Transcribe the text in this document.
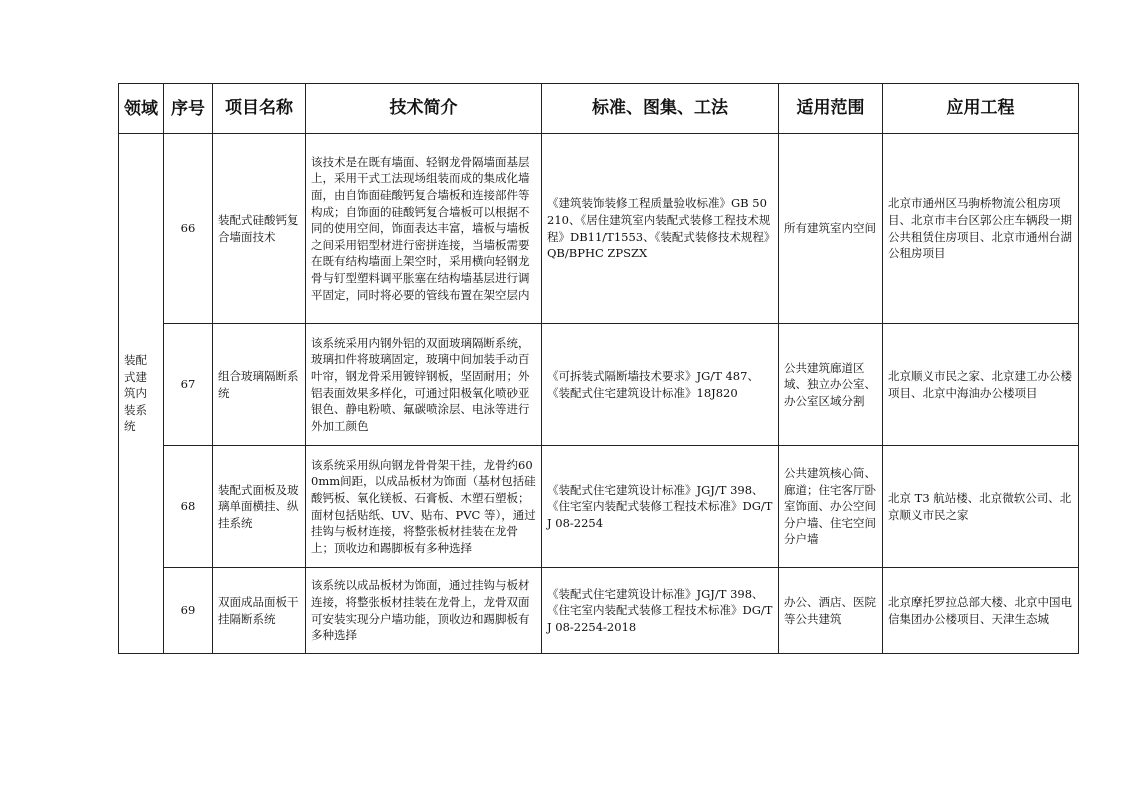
领域	序号	项目名称	技术简介	标准、图集、工法	适用范围	应用工程
装配式建筑内装系统	66	装配式硅酸钙复合墙面技术	该技术是在既有墙面、轻钢龙骨隔墙面基层上，采用干式工法现场组装而成的集成化墙面，由自饰面硅酸钙复合墙板和连接部件等构成；自饰面的硅酸钙复合墙板可以根据不同的使用空间，饰面表达丰富，墙板与墙板之间采用铝型材进行密拼连接，当墙板需要在既有结构墙面上架空时，采用横向轻钢龙骨与钉型塑料调平胀塞在结构墙基层进行调平固定，同时将必要的管线布置在架空层内	《建筑装饰装修工程质量验收标准》GB 50210、《居住建筑室内装配式装修工程技术规程》DB11/T1553、《装配式装修技术规程》QB/BPHC ZPSZX	所有建筑室内空间	北京市通州区马驹桥物流公租房项目、北京市丰台区郭公庄车辆段一期公共租赁住房项目、北京市通州台湖公租房项目
	67	组合玻璃隔断系统	该系统采用内钢外铝的双面玻璃隔断系统，玻璃扣件将玻璃固定，玻璃中间加装手动百叶帘，钢龙骨采用镀锌钢板，坚固耐用；外铝表面效果多样化，可通过阳极氧化喷砂亚银色、静电粉喷、氟碳喷涂层、电泳等进行外加工颜色	《可拆装式隔断墙技术要求》JG/T 487、《装配式住宅建筑设计标准》18J820	公共建筑廊道区域、独立办公室、办公室区域分割	北京顺义市民之家、北京建工办公楼项目、北京中海油办公楼项目
	68	装配式面板及玻璃单面横挂、纵挂系统	该系统采用纵向钢龙骨骨架干挂，龙骨约600mm间距，以成品板材为饰面（基材包括硅酸钙板、氧化镁板、石膏板、木塑石塑板；面材包括贴纸、UV、贴布、PVC 等），通过挂钩与板材连接，将整张板材挂装在龙骨上；顶收边和踢脚板有多种选择	《装配式住宅建筑设计标准》JGJ/T 398、《住宅室内装配式装修工程技术标准》DG/TJ 08-2254	公共建筑核心筒、廊道；住宅客厅卧室饰面、办公空间分户墙、住宅空间分户墙	北京 T3 航站楼、北京微软公司、北京顺义市民之家
	69	双面成品面板干挂隔断系统	该系统以成品板材为饰面，通过挂钩与板材连接，将整张板材挂装在龙骨上，龙骨双面可安装实现分户墙功能，顶收边和踢脚板有多种选择	《装配式住宅建筑设计标准》JGJ/T 398、《住宅室内装配式装修工程技术标准》DG/TJ 08-2254-2018	办公、酒店、医院等公共建筑	北京摩托罗拉总部大楼、北京中国电信集团办公楼项目、天津生态城
